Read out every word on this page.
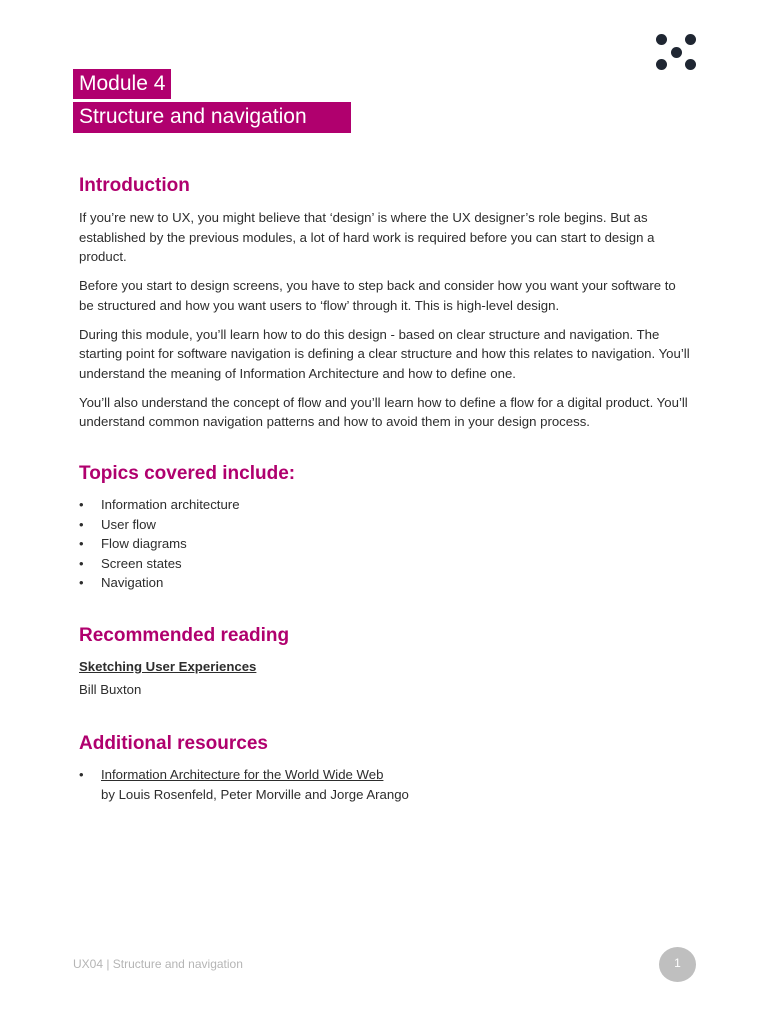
Module 4
Structure and navigation
Introduction

If you’re new to UX, you might believe that ‘design’ is where the UX designer’s role begins. But as established by the previous modules, a lot of hard work is required before you can start to design a product.

Before you start to design screens, you have to step back and consider how you want your software to be structured and how you want users to ‘flow’ through it. This is high-level design.

During this module, you’ll learn how to do this design - based on clear structure and navigation. The starting point for software navigation is defining a clear structure and how this relates to navigation. You’ll understand the meaning of Information Architecture and how to define one.

You’ll also understand the concept of flow and you’ll learn how to define a flow for a digital product. You’ll understand common navigation patterns and how to avoid them in your design process.

Topics covered include:
• Information architecture
• User flow
• Flow diagrams
• Screen states
• Navigation
Recommended reading

Sketching User Experiences

Bill Buxton

Additional resources
• Information Architecture for the World Wide Web
by Louis Rosenfeld, Peter Morville and Jorge Arango
UX04 | Structure and navigation	1
